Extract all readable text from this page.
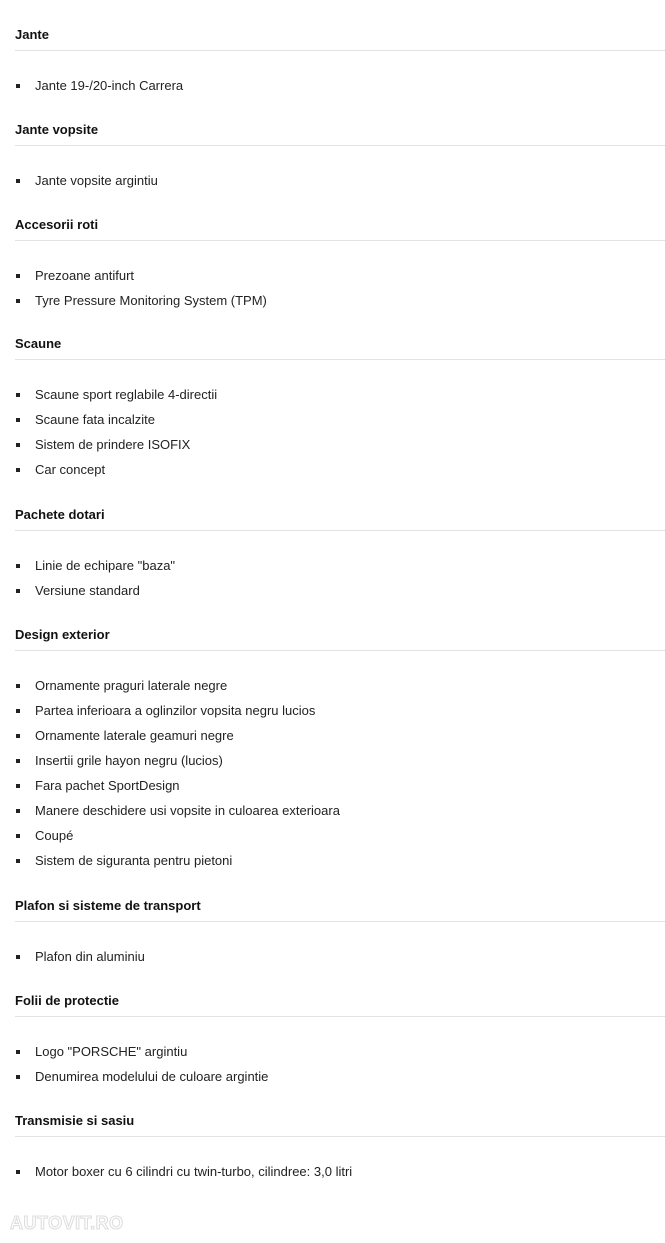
Jante
Jante 19-/20-inch Carrera
Jante vopsite
Jante vopsite argintiu
Accesorii roti
Prezoane antifurt
Tyre Pressure Monitoring System (TPM)
Scaune
Scaune sport reglabile 4-directii
Scaune fata incalzite
Sistem de prindere ISOFIX
Car concept
Pachete dotari
Linie de echipare "baza"
Versiune standard
Design exterior
Ornamente praguri laterale negre
Partea inferioara a oglinzilor vopsita negru lucios
Ornamente laterale geamuri negre
Insertii grile hayon negru (lucios)
Fara pachet SportDesign
Manere deschidere usi vopsite in culoarea exterioara
Coupé
Sistem de siguranta pentru pietoni
Plafon si sisteme de transport
Plafon din aluminiu
Folii de protectie
Logo "PORSCHE" argintiu
Denumirea modelului de culoare argintie
Transmisie si sasiu
Motor boxer cu 6 cilindri cu twin-turbo, cilindree: 3,0 litri
AUTOVIT.RO
